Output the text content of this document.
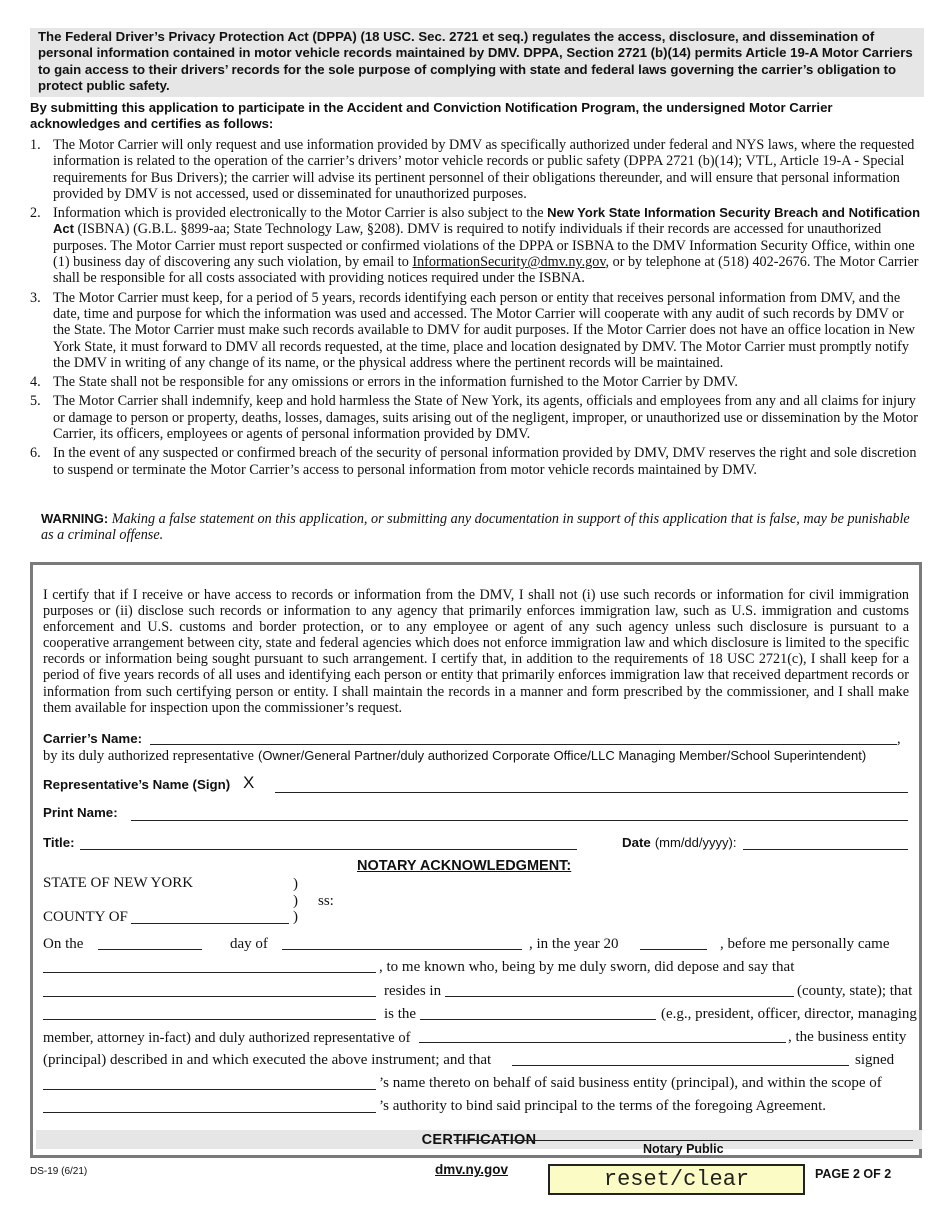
The Federal Driver’s Privacy Protection Act (DPPA) (18 USC. Sec. 2721 et seq.) regulates the access, disclosure, and dissemination of personal information contained in motor vehicle records maintained by DMV. DPPA, Section 2721 (b)(14) permits Article 19-A Motor Carriers to gain access to their drivers’ records for the sole purpose of complying with state and federal laws governing the carrier’s obligation to protect public safety.

By submitting this application to participate in the Accident and Conviction Notification Program, the undersigned Motor Carrier acknowledges and certifies as follows:
1. The Motor Carrier will only request and use information provided by DMV as specifically authorized under federal and NYS laws, where the requested information is related to the operation of the carrier’s drivers’ motor vehicle records or public safety (DPPA 2721 (b)(14); VTL, Article 19-A - Special requirements for Bus Drivers); the carrier will advise its pertinent personnel of their obligations thereunder, and will ensure that personal information provided by DMV is not accessed, used or disseminated for unauthorized purposes.
2. Information which is provided electronically to the Motor Carrier is also subject to the New York State Information Security Breach and Notification Act (ISBNA) (G.B.L. §899-aa; State Technology Law, §208). DMV is required to notify individuals if their records are accessed for unauthorized purposes. The Motor Carrier must report suspected or confirmed violations of the DPPA or ISBNA to the DMV Information Security Office, within one (1) business day of discovering any such violation, by email to InformationSecurity@dmv.ny.gov, or by telephone at (518) 402-2676. The Motor Carrier shall be responsible for all costs associated with providing notices required under the ISBNA.
3. The Motor Carrier must keep, for a period of 5 years, records identifying each person or entity that receives personal information from DMV, and the date, time and purpose for which the information was used and accessed. The Motor Carrier will cooperate with any audit of such records by DMV or the State. The Motor Carrier must make such records available to DMV for audit purposes. If the Motor Carrier does not have an office location in New York State, it must forward to DMV all records requested, at the time, place and location designated by DMV. The Motor Carrier must promptly notify the DMV in writing of any change of its name, or the physical address where the pertinent records will be maintained.
4. The State shall not be responsible for any omissions or errors in the information furnished to the Motor Carrier by DMV.
5. The Motor Carrier shall indemnify, keep and hold harmless the State of New York, its agents, officials and employees from any and all claims for injury or damage to person or property, deaths, losses, damages, suits arising out of the negligent, improper, or unauthorized use or dissemination by the Motor Carrier, its officers, employees or agents of personal information provided by DMV.
6. In the event of any suspected or confirmed breach of the security of personal information provided by DMV, DMV reserves the right and sole discretion to suspend or terminate the Motor Carrier’s access to personal information from motor vehicle records maintained by DMV.
WARNING: Making a false statement on this application, or submitting any documentation in support of this application that is false, may be punishable as a criminal offense.
CERTIFICATION
I certify that if I receive or have access to records or information from the DMV, I shall not (i) use such records or information for civil immigration purposes or (ii) disclose such records or information to any agency that primarily enforces immigration law, such as U.S. immigration and customs enforcement and U.S. customs and border protection, or to any employee or agent of any such agency unless such disclosure is pursuant to a cooperative arrangement between city, state and federal agencies which does not enforce immigration law and which disclosure is limited to the specific records or information being sought pursuant to such arrangement. I certify that, in addition to the requirements of 18 USC 2721(c), I shall keep for a period of five years records of all uses and identifying each person or entity that primarily enforces immigration law that received department records or information from such certifying person or entity. I shall maintain the records in a manner and form prescribed by the commissioner, and I shall make them available for inspection upon the commissioner’s request.
Carrier’s Name:	,
by its duly authorized representative (Owner/General Partner/duly authorized Corporate Office/LLC Managing Member/School Superintendent)
Representative’s Name (Sign) X
Print Name:
Title:	Date (mm/dd/yyyy):
NOTARY ACKNOWLEDGMENT:
STATE OF NEW YORK	)
) ss:
COUNTY OF	)
On the	day of	, in the year 20	, before me personally came
, to me known who, being by me duly sworn, did depose and say that
resides in	(county, state); that
is the	(e.g., president, officer, director, managing
member, attorney in-fact) and duly authorized representative of	, the business entity
(principal) described in and which executed the above instrument; and that	signed
’s name thereto on behalf of said business entity (principal), and within the scope of
’s authority to bind said principal to the terms of the foregoing Agreement.
Notary Public
DS-19 (6/21)	dmv.ny.gov	reset/clear	PAGE 2 OF 2
